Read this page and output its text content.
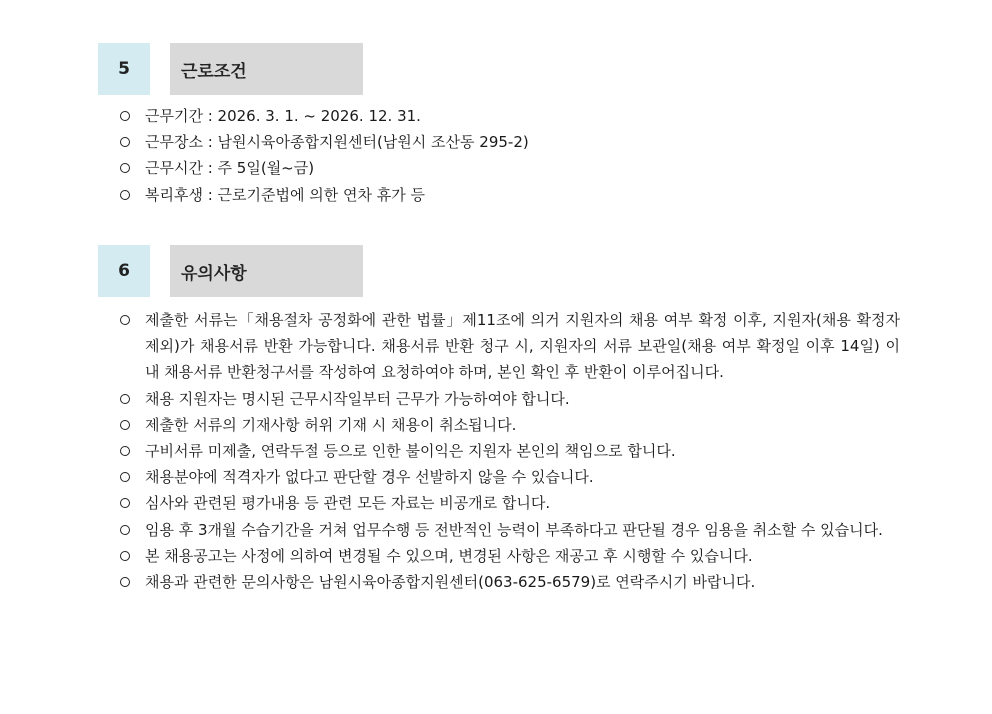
5	근로조건
근무기간 : 2026. 3. 1. ~ 2026. 12. 31.
근무장소 : 남원시육아종합지원센터(남원시 조산동 295-2)
근무시간 : 주 5일(월~금)
복리후생 : 근로기준법에 의한 연차 휴가 등
6	유의사항
제출한 서류는「채용절차 공정화에 관한 법률」제11조에 의거 지원자의 채용 여부 확정 이후, 지원자(채용 확정자 제외)가 채용서류 반환 가능합니다. 채용서류 반환 청구 시, 지원자의 서류 보관일(채용 여부 확정일 이후 14일) 이내 채용서류 반환청구서를 작성하여 요청하여야 하며, 본인 확인 후 반환이 이루어집니다.
채용 지원자는 명시된 근무시작일부터 근무가 가능하여야 합니다.
제출한 서류의 기재사항 허위 기재 시 채용이 취소됩니다.
구비서류 미제출, 연락두절 등으로 인한 불이익은 지원자 본인의 책임으로 합니다.
채용분야에 적격자가 없다고 판단할 경우 선발하지 않을 수 있습니다.
심사와 관련된 평가내용 등 관련 모든 자료는 비공개로 합니다.
임용 후 3개월 수습기간을 거쳐 업무수행 등 전반적인 능력이 부족하다고 판단될 경우 임용을 취소할 수 있습니다.
본 채용공고는 사정에 의하여 변경될 수 있으며, 변경된 사항은 재공고 후 시행할 수 있습니다.
채용과 관련한 문의사항은 남원시육아종합지원센터(063-625-6579)로 연락주시기 바랍니다.
